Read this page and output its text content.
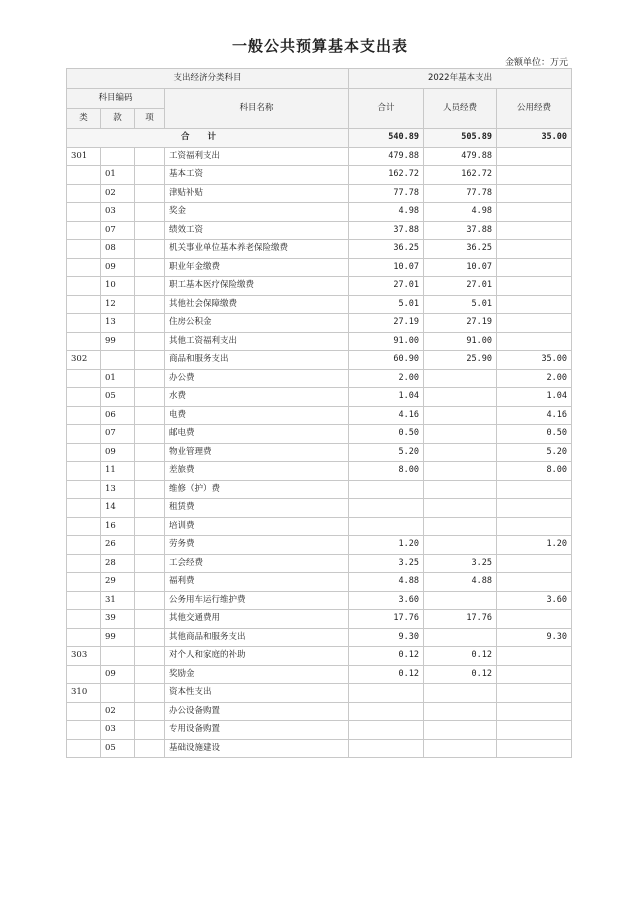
一般公共预算基本支出表
金额单位：万元
支出经济分类科目				2022年基本支出		
科目编码			科目名称	合计	人员经费	公用经费
类	款	项				
合计				540.89	505.89	35.00
301			工资福利支出	479.88	479.88	
	01		基本工资	162.72	162.72	
	02		津贴补贴	77.78	77.78	
	03		奖金	4.98	4.98	
	07		绩效工资	37.88	37.88	
	08		机关事业单位基本养老保险缴费	36.25	36.25	
	09		职业年金缴费	10.07	10.07	
	10		职工基本医疗保险缴费	27.01	27.01	
	12		其他社会保障缴费	5.01	5.01	
	13		住房公积金	27.19	27.19	
	99		其他工资福利支出	91.00	91.00	
302			商品和服务支出	60.90	25.90	35.00
	01		办公费	2.00		2.00
	05		水费	1.04		1.04
	06		电费	4.16		4.16
	07		邮电费	0.50		0.50
	09		物业管理费	5.20		5.20
	11		差旅费	8.00		8.00
	13		维修（护）费			
	14		租赁费			
	16		培训费			
	26		劳务费	1.20		1.20
	28		工会经费	3.25	3.25	
	29		福利费	4.88	4.88	
	31		公务用车运行维护费	3.60		3.60
	39		其他交通费用	17.76	17.76	
	99		其他商品和服务支出	9.30		9.30
303			对个人和家庭的补助	0.12	0.12	
	09		奖励金	0.12	0.12	
310			资本性支出			
	02		办公设备购置			
	03		专用设备购置			
	05		基础设施建设			
